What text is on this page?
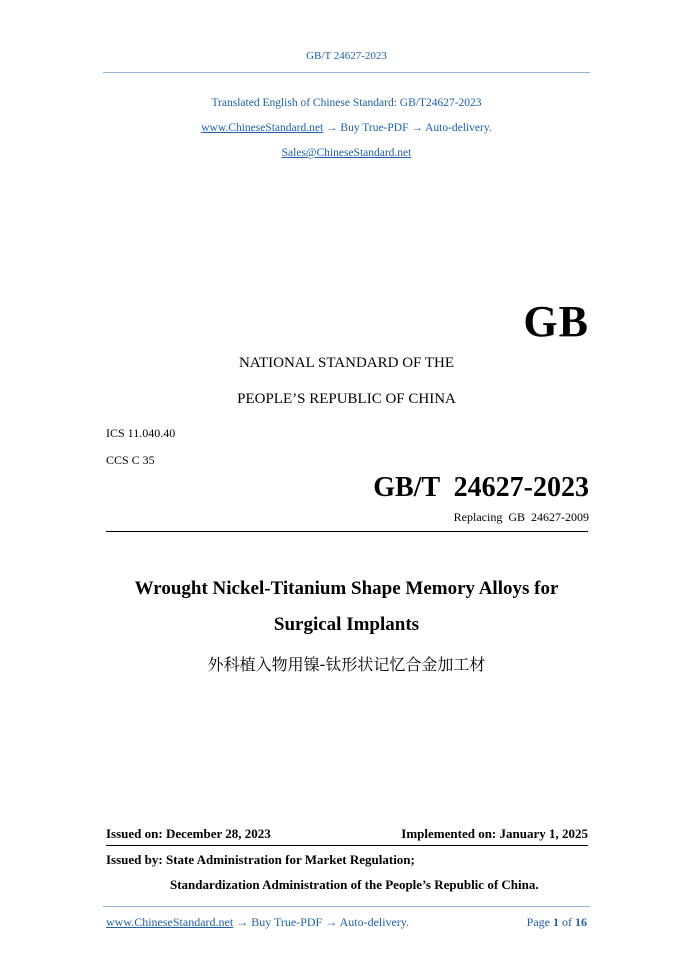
GB/T 24627-2023
Translated English of Chinese Standard: GB/T24627-2023
www.ChineseStandard.net → Buy True-PDF → Auto-delivery.
Sales@ChineseStandard.net
GB
NATIONAL STANDARD OF THE
PEOPLE’S REPUBLIC OF CHINA
ICS 11.040.40
CCS C 35
GB/T  24627-2023
Replacing  GB  24627-2009
Wrought Nickel-Titanium Shape Memory Alloys for
Surgical Implants
外科植入物用镍-钛形状记忆合金加工材
Issued on: December 28, 2023	Implemented on: January 1, 2025
Issued by: State Administration for Market Regulation;
Standardization Administration of the People’s Republic of China.
www.ChineseStandard.net → Buy True-PDF → Auto-delivery.	Page 1 of 16
